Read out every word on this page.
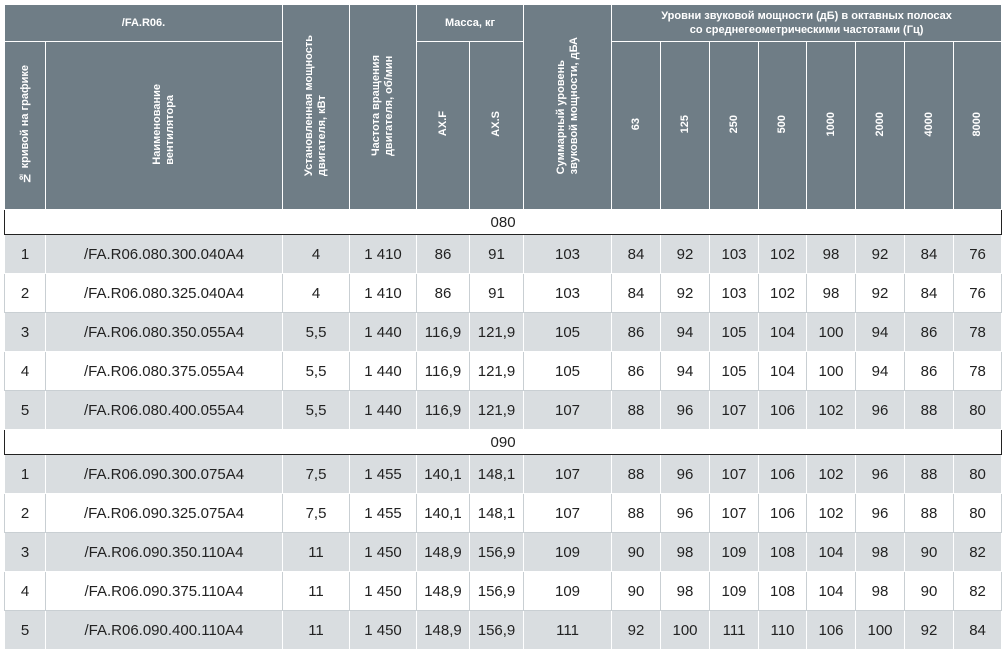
/FA.R06.		Установленная мощность
двигателя, кВт	Частота вращения
двигателя, об/мин	Масса, кг		Суммарный уровень
звуковой мощности, дБА	Уровни звуковой мощности (дБ) в октавных полосах
со среднегеометрическими частотами (Гц)							
№ кривой на графике	Наименование
вентилятора			AX.F	AX.S		63	125	250	500	1000	2000	4000	8000
080														
1	/FA.R06.080.300.040A4	4	1 410	86	91	103	84	92	103	102	98	92	84	76
2	/FA.R06.080.325.040A4	4	1 410	86	91	103	84	92	103	102	98	92	84	76
3	/FA.R06.080.350.055A4	5,5	1 440	116,9	121,9	105	86	94	105	104	100	94	86	78
4	/FA.R06.080.375.055A4	5,5	1 440	116,9	121,9	105	86	94	105	104	100	94	86	78
5	/FA.R06.080.400.055A4	5,5	1 440	116,9	121,9	107	88	96	107	106	102	96	88	80
090														
1	/FA.R06.090.300.075A4	7,5	1 455	140,1	148,1	107	88	96	107	106	102	96	88	80
2	/FA.R06.090.325.075A4	7,5	1 455	140,1	148,1	107	88	96	107	106	102	96	88	80
3	/FA.R06.090.350.110A4	11	1 450	148,9	156,9	109	90	98	109	108	104	98	90	82
4	/FA.R06.090.375.110A4	11	1 450	148,9	156,9	109	90	98	109	108	104	98	90	82
5	/FA.R06.090.400.110A4	11	1 450	148,9	156,9	111	92	100	111	110	106	100	92	84
